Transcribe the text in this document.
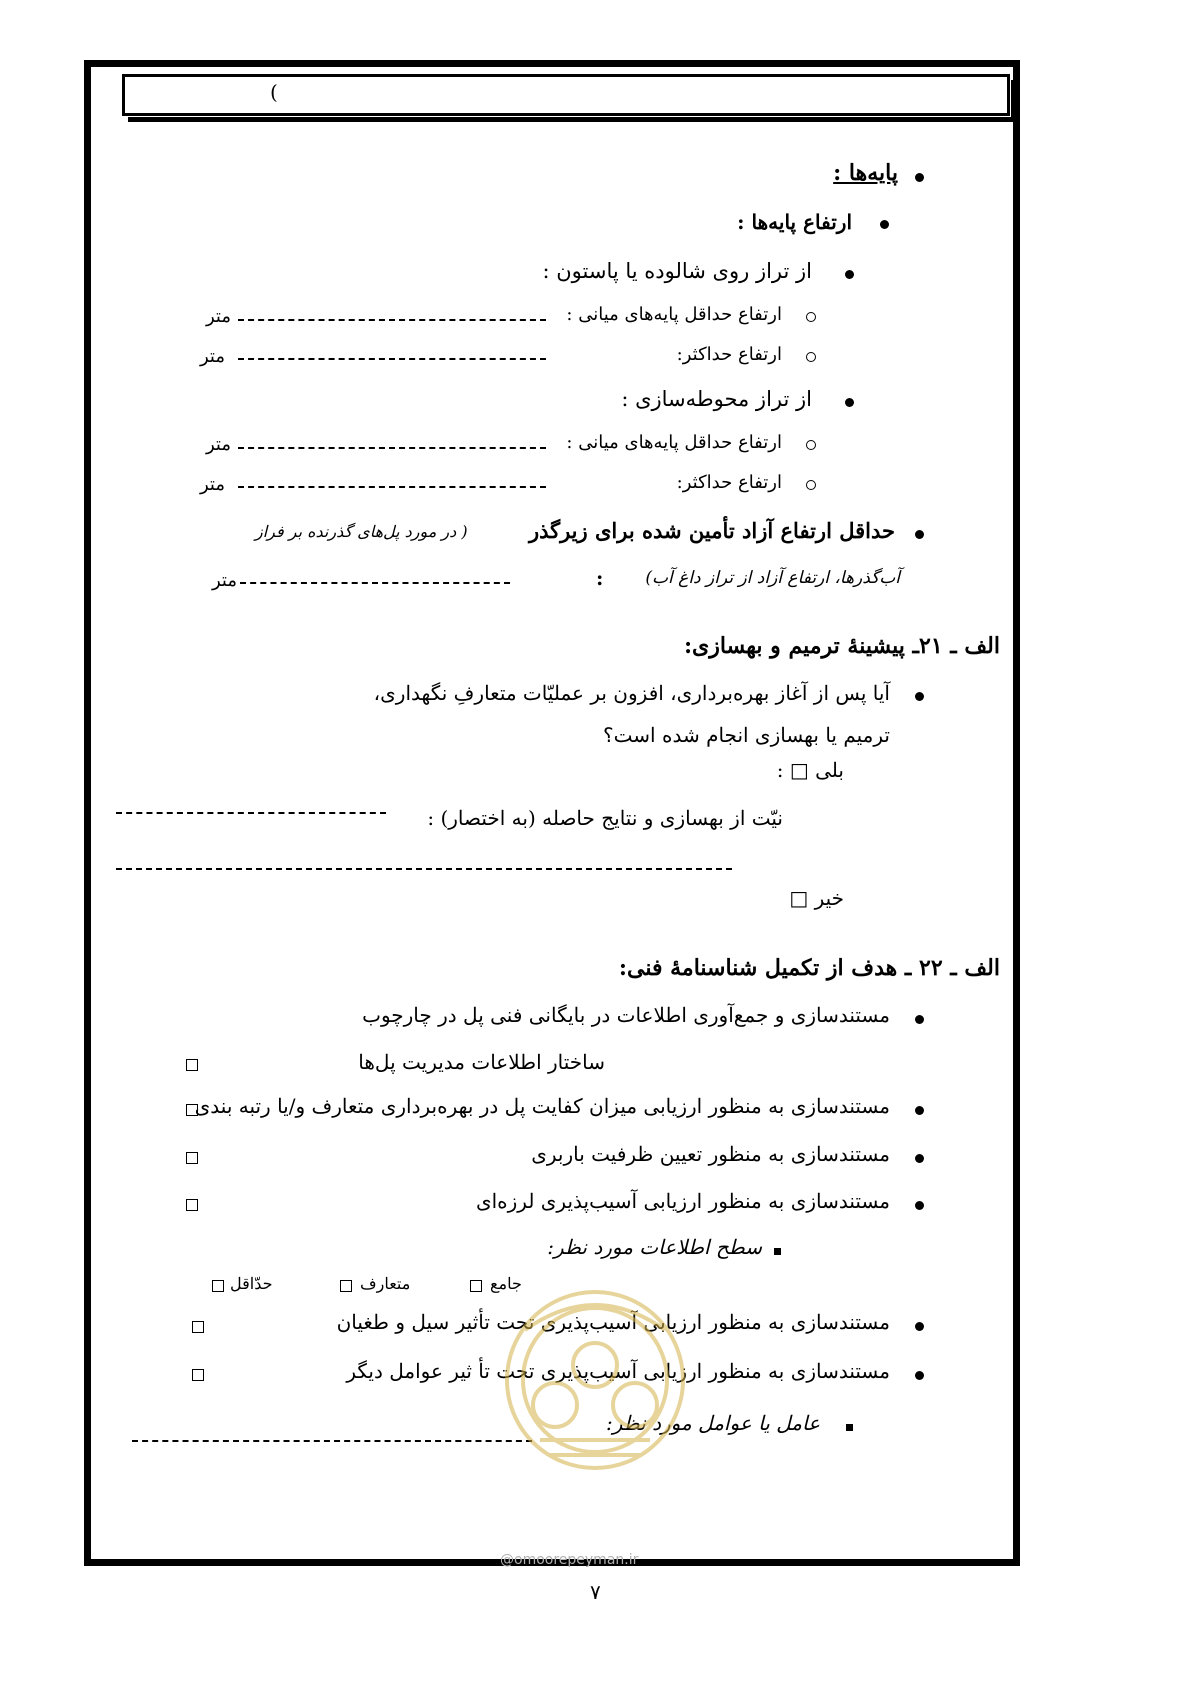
(
پایه‌ها :
ارتفاع پایه‌ها :
از تراز روی شالوده یا پاستون :
ارتفاع حداقل پایه‌های میانی :
متر
ارتفاع حداکثر:
متر
از تراز محوطه‌سازی :
ارتفاع حداقل پایه‌های میانی :
متر
ارتفاع حداکثر:
متر
حداقل ارتفاع آزاد تأمین شده برای زیرگذر
( در مورد پل‌های گذرنده بر فراز
آب‌گذرها، ارتفاع آزاد از تراز داغ آب)
:
متر
الف ـ ۲۱ـ پیشینۀ ترمیم و بهسازی:
آیا پس از آغاز بهره‌برداری، افزون بر عملیّات متعارفِ نگهداری،
ترمیم یا بهسازی انجام شده است؟
بلی □ :
نیّت از بهسازی و نتایج حاصله (به اختصار) :
خیر □
الف ـ ۲۲ ـ هدف از تکمیل شناسنامۀ فنی:
مستندسازی و جمع‌آوری اطلاعات در بایگانی فنی پل در چارچوب
ساختار اطلاعات مدیریت پل‌ها
مستندسازی به منظور ارزیابی میزان کفایت پل در بهره‌برداری متعارف و/یا رتبه بندی
مستندسازی به منظور تعیین ظرفیت باربری
مستندسازی به منظور ارزیابی آسیب‌پذیری لرزه‌ای
سطح اطلاعات مورد نظر:
جامع
متعارف
حدّاقل
مستندسازی به منظور ارزیابی آسیب‌پذیری تحت تأثیر سیل و طغیان
مستندسازی به منظور ارزیابی آسیب‌پذیری تحت تأ ثیر عوامل دیگر
عامل یا عوامل مورد نظر:
@omoorepeyman.ir
۷
